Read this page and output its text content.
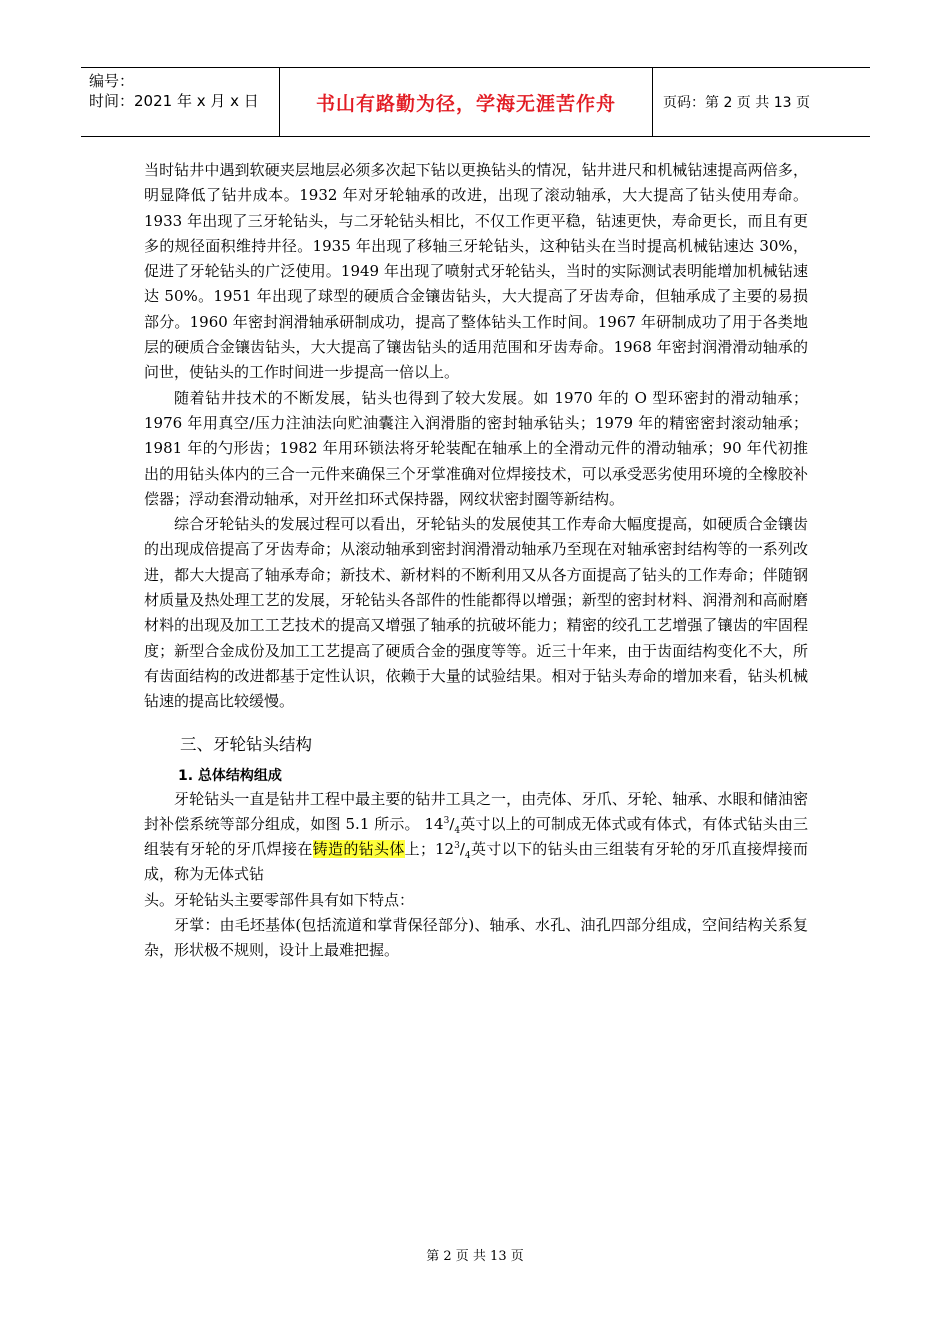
编号：
时间：2021 年 x 月 x 日	书山有路勤为径，学海无涯苦作舟	页码：第 2 页 共 13 页

当时钻井中遇到软硬夹层地层必须多次起下钻以更换钻头的情况，钻井进尺和机械钻速提高两倍多，明显降低了钻井成本。1932 年对牙轮轴承的改进，出现了滚动轴承，大大提高了钻头使用寿命。1933 年出现了三牙轮钻头，与二牙轮钻头相比，不仅工作更平稳，钻速更快，寿命更长，而且有更多的规径面积维持井径。1935 年出现了移轴三牙轮钻头，这种钻头在当时提高机械钻速达 30%，促进了牙轮钻头的广泛使用。1949 年出现了喷射式牙轮钻头，当时的实际测试表明能增加机械钻速达 50%。1951 年出现了球型的硬质合金镶齿钻头，大大提高了牙齿寿命，但轴承成了主要的易损部分。1960 年密封润滑轴承研制成功，提高了整体钻头工作时间。1967 年研制成功了用于各类地层的硬质合金镶齿钻头，大大提高了镶齿钻头的适用范围和牙齿寿命。1968 年密封润滑滑动轴承的问世，使钻头的工作时间进一步提高一倍以上。

随着钻井技术的不断发展，钻头也得到了较大发展。如 1970 年的 O 型环密封的滑动轴承；1976 年用真空/压力注油法向贮油囊注入润滑脂的密封轴承钻头；1979 年的精密密封滚动轴承；1981 年的勺形齿；1982 年用环锁法将牙轮装配在轴承上的全滑动元件的滑动轴承；90 年代初推出的用钻头体内的三合一元件来确保三个牙掌准确对位焊接技术，可以承受恶劣使用环境的全橡胶补偿器；浮动套滑动轴承，对开丝扣环式保持器，网纹状密封圈等新结构。

综合牙轮钻头的发展过程可以看出，牙轮钻头的发展使其工作寿命大幅度提高，如硬质合金镶齿的出现成倍提高了牙齿寿命；从滚动轴承到密封润滑滑动轴承乃至现在对轴承密封结构等的一系列改进，都大大提高了轴承寿命；新技术、新材料的不断利用又从各方面提高了钻头的工作寿命；伴随钢材质量及热处理工艺的发展，牙轮钻头各部件的性能都得以增强；新型的密封材料、润滑剂和高耐磨材料的出现及加工工艺技术的提高又增强了轴承的抗破坏能力；精密的绞孔工艺增强了镶齿的牢固程度；新型合金成份及加工工艺提高了硬质合金的强度等等。近三十年来，由于齿面结构变化不大，所有齿面结构的改进都基于定性认识，依赖于大量的试验结果。相对于钻头寿命的增加来看，钻头机械钻速的提高比较缓慢。

三、牙轮钻头结构
1. 总体结构组成

牙轮钻头一直是钻井工程中最主要的钻井工具之一，由壳体、牙爪、牙轮、轴承、水眼和储油密封补偿系统等部分组成，如图 5.1 所示。 $14^3/_4$英寸以上的可制成无体式或有体式，有体式钻头由三组装有牙轮的牙爪焊接在铸造的钻头体上；$12^3/_4$英寸以下的钻头由三组装有牙轮的牙爪直接焊接而成，称为无体式钻

头。牙轮钻头主要零部件具有如下特点：

牙掌：由毛坯基体(包括流道和掌背保径部分)、轴承、水孔、油孔四部分组成，空间结构关系复杂，形状极不规则，设计上最难把握。

第 2 页 共 13 页
